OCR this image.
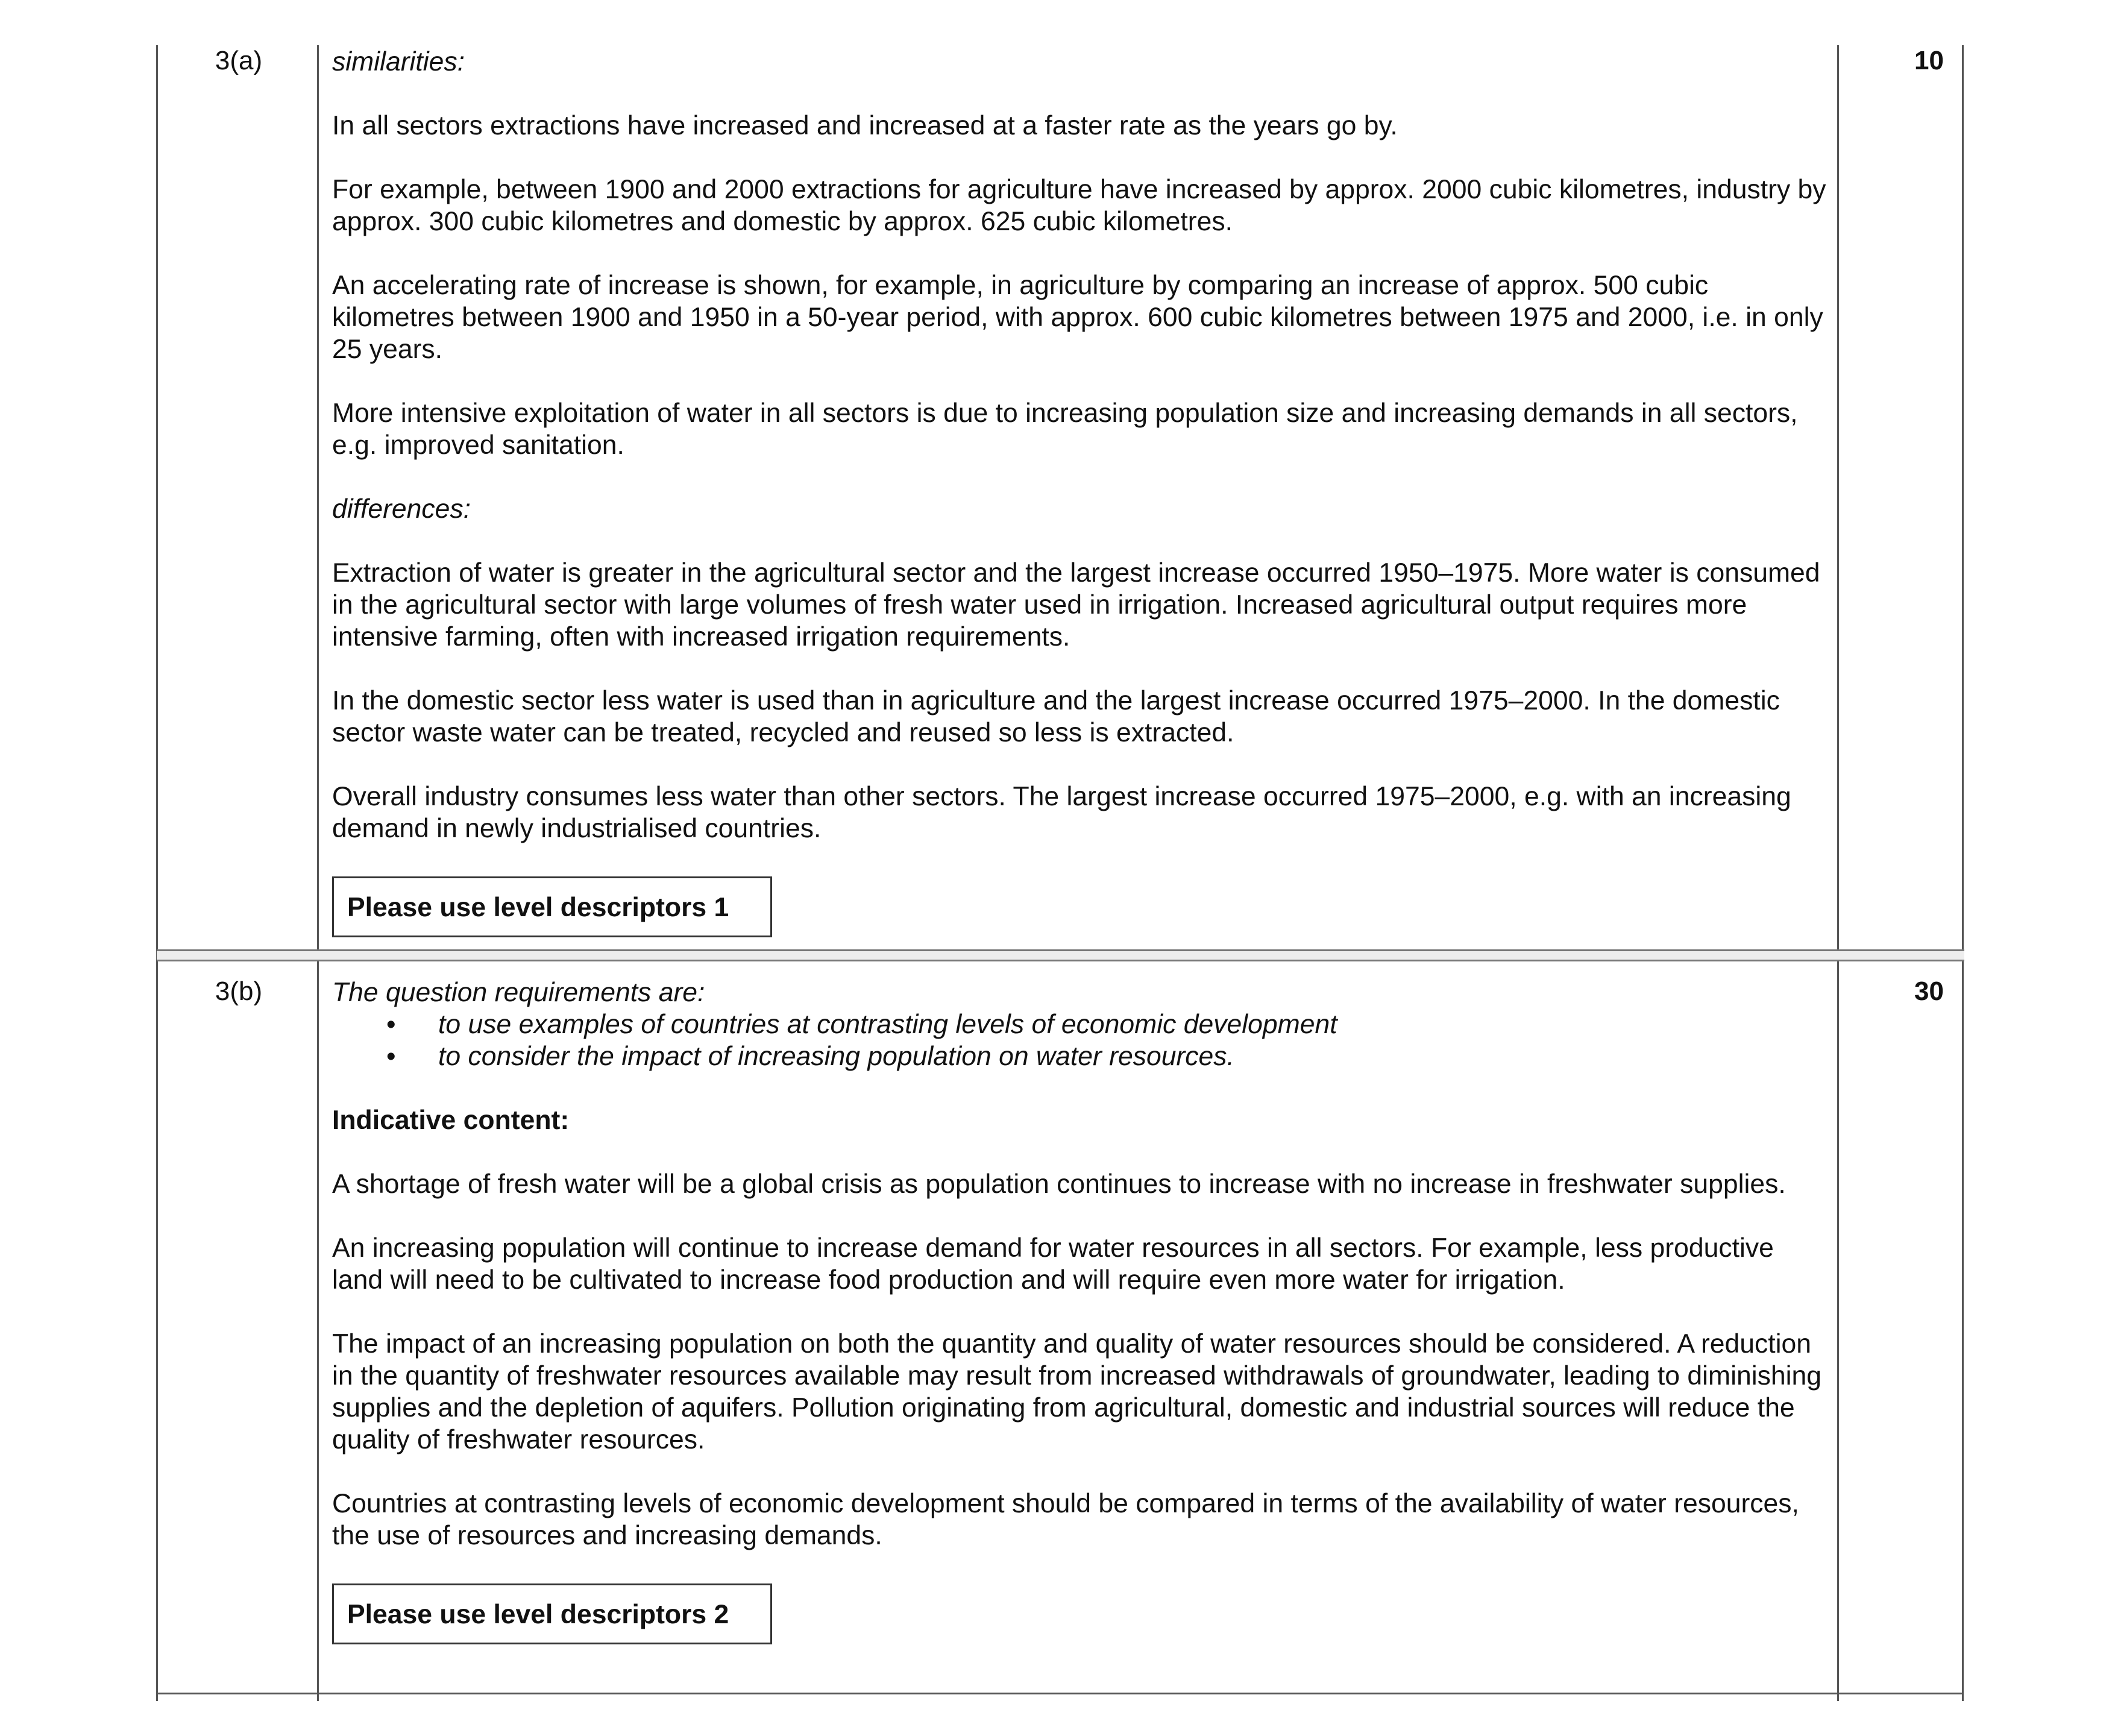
3(a)	10

similarities:

In all sectors extractions have increased and increased at a faster rate as the years go by.

For example, between 1900 and 2000 extractions for agriculture have increased by approx. 2000 cubic kilometres, industry by approx. 300 cubic kilometres and domestic by approx. 625 cubic kilometres.

An accelerating rate of increase is shown, for example, in agriculture by comparing an increase of approx. 500 cubic kilometres between 1900 and 1950 in a 50-year period, with approx. 600 cubic kilometres between 1975 and 2000, i.e. in only 25 years.

More intensive exploitation of water in all sectors is due to increasing population size and increasing demands in all sectors, e.g. improved sanitation.

differences:

Extraction of water is greater in the agricultural sector and the largest increase occurred 1950–1975. More water is consumed in the agricultural sector with large volumes of fresh water used in irrigation. Increased agricultural output requires more intensive farming, often with increased irrigation requirements.

In the domestic sector less water is used than in agriculture and the largest increase occurred 1975–2000. In the domestic sector waste water can be treated, recycled and reused so less is extracted.

Overall industry consumes less water than other sectors. The largest increase occurred 1975–2000, e.g. with an increasing demand in newly industrialised countries.

Please use level descriptors 1
3(b)	30
The question requirements are:
• to use examples of countries at contrasting levels of economic development
• to consider the impact of increasing population on water resources.

Indicative content:

A shortage of fresh water will be a global crisis as population continues to increase with no increase in freshwater supplies.

An increasing population will continue to increase demand for water resources in all sectors. For example, less productive land will need to be cultivated to increase food production and will require even more water for irrigation.

The impact of an increasing population on both the quantity and quality of water resources should be considered. A reduction in the quantity of freshwater resources available may result from increased withdrawals of groundwater, leading to diminishing supplies and the depletion of aquifers. Pollution originating from agricultural, domestic and industrial sources will reduce the quality of freshwater resources.

Countries at contrasting levels of economic development should be compared in terms of the availability of water resources, the use of resources and increasing demands.

Please use level descriptors 2
